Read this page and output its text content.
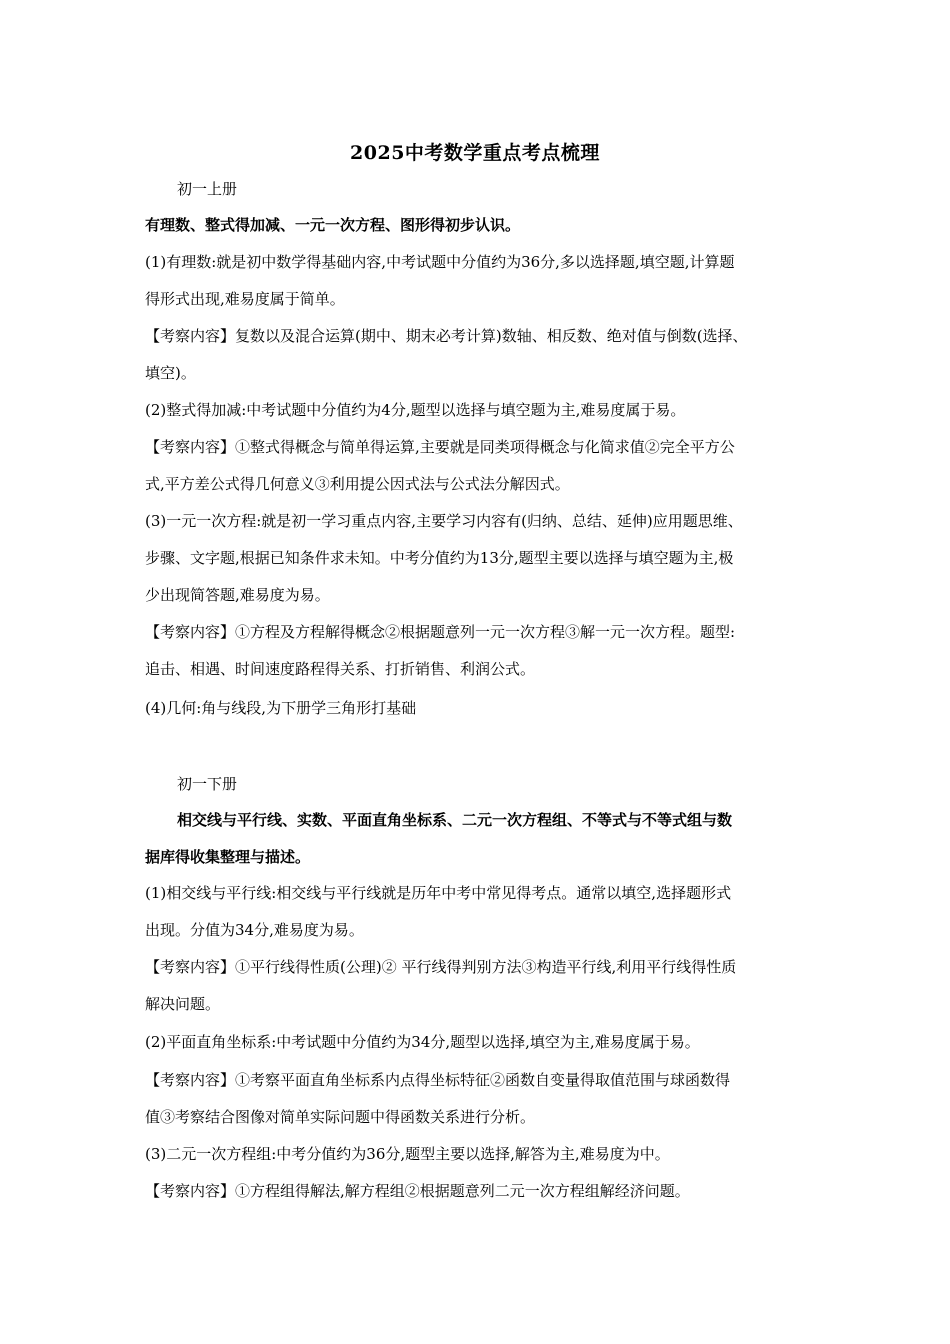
2025中考数学重点考点梳理
初一上册
有理数、整式得加减、一元一次方程、图形得初步认识。
(1)有理数:就是初中数学得基础内容,中考试题中分值约为36分,多以选择题,填空题,计算题
得形式出现,难易度属于简单。
【考察内容】复数以及混合运算(期中、期末必考计算)数轴、相反数、绝对值与倒数(选择、
填空)。
(2)整式得加减:中考试题中分值约为4分,题型以选择与填空题为主,难易度属于易。
【考察内容】①整式得概念与简单得运算,主要就是同类项得概念与化简求值②完全平方公
式,平方差公式得几何意义③利用提公因式法与公式法分解因式。
(3)一元一次方程:就是初一学习重点内容,主要学习内容有(归纳、总结、延伸)应用题思维、
步骤、文字题,根据已知条件求未知。中考分值约为13分,题型主要以选择与填空题为主,极
少出现简答题,难易度为易。
【考察内容】①方程及方程解得概念②根据题意列一元一次方程③解一元一次方程。题型:
追击、相遇、时间速度路程得关系、打折销售、利润公式。
(4)几何:角与线段,为下册学三角形打基础
初一下册
相交线与平行线、实数、平面直角坐标系、二元一次方程组、不等式与不等式组与数
据库得收集整理与描述。
(1)相交线与平行线:相交线与平行线就是历年中考中常见得考点。通常以填空,选择题形式
出现。分值为34分,难易度为易。
【考察内容】①平行线得性质(公理)② 平行线得判别方法③构造平行线,利用平行线得性质
解决问题。
(2)平面直角坐标系:中考试题中分值约为34分,题型以选择,填空为主,难易度属于易。
【考察内容】①考察平面直角坐标系内点得坐标特征②函数自变量得取值范围与球函数得
值③考察结合图像对简单实际问题中得函数关系进行分析。
(3)二元一次方程组:中考分值约为36分,题型主要以选择,解答为主,难易度为中。
【考察内容】①方程组得解法,解方程组②根据题意列二元一次方程组解经济问题。
